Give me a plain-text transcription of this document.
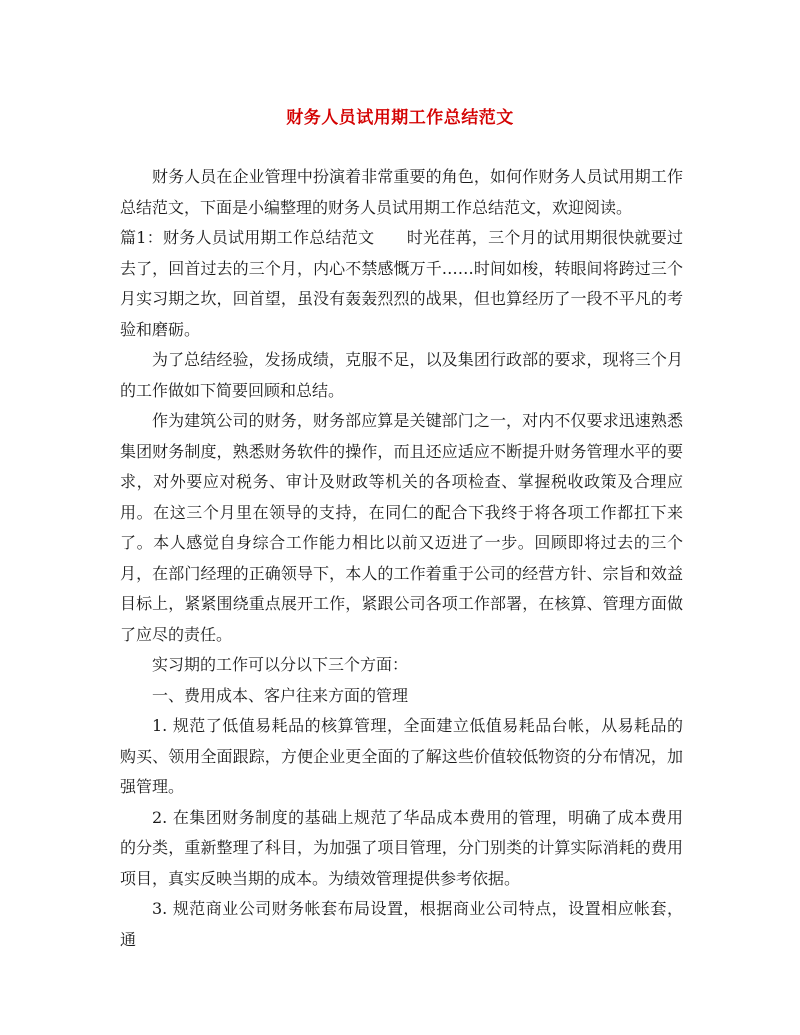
财务人员试用期工作总结范文

财务人员在企业管理中扮演着非常重要的角色，如何作财务人员试用期工作总结范文，下面是小编整理的财务人员试用期工作总结范文，欢迎阅读。

篇1：财务人员试用期工作总结范文　　时光荏苒，三个月的试用期很快就要过去了，回首过去的三个月，内心不禁感慨万千……时间如梭，转眼间将跨过三个月实习期之坎，回首望，虽没有轰轰烈烈的战果，但也算经历了一段不平凡的考验和磨砺。

为了总结经验，发扬成绩，克服不足，以及集团行政部的要求，现将三个月的工作做如下简要回顾和总结。

作为建筑公司的财务，财务部应算是关键部门之一，对内不仅要求迅速熟悉集团财务制度，熟悉财务软件的操作，而且还应适应不断提升财务管理水平的要求，对外要应对税务、审计及财政等机关的各项检查、掌握税收政策及合理应用。在这三个月里在领导的支持，在同仁的配合下我终于将各项工作都扛下来了。本人感觉自身综合工作能力相比以前又迈进了一步。回顾即将过去的三个月，在部门经理的正确领导下，本人的工作着重于公司的经营方针、宗旨和效益目标上，紧紧围绕重点展开工作，紧跟公司各项工作部署，在核算、管理方面做了应尽的责任。

实习期的工作可以分以下三个方面：

一、费用成本、客户往来方面的管理

1. 规范了低值易耗品的核算管理，全面建立低值易耗品台帐，从易耗品的购买、领用全面跟踪，方便企业更全面的了解这些价值较低物资的分布情况，加强管理。

2. 在集团财务制度的基础上规范了华品成本费用的管理，明确了成本费用的分类，重新整理了科目，为加强了项目管理，分门别类的计算实际消耗的费用项目，真实反映当期的成本。为绩效管理提供参考依据。

3. 规范商业公司财务帐套布局设置，根据商业公司特点，设置相应帐套，通
